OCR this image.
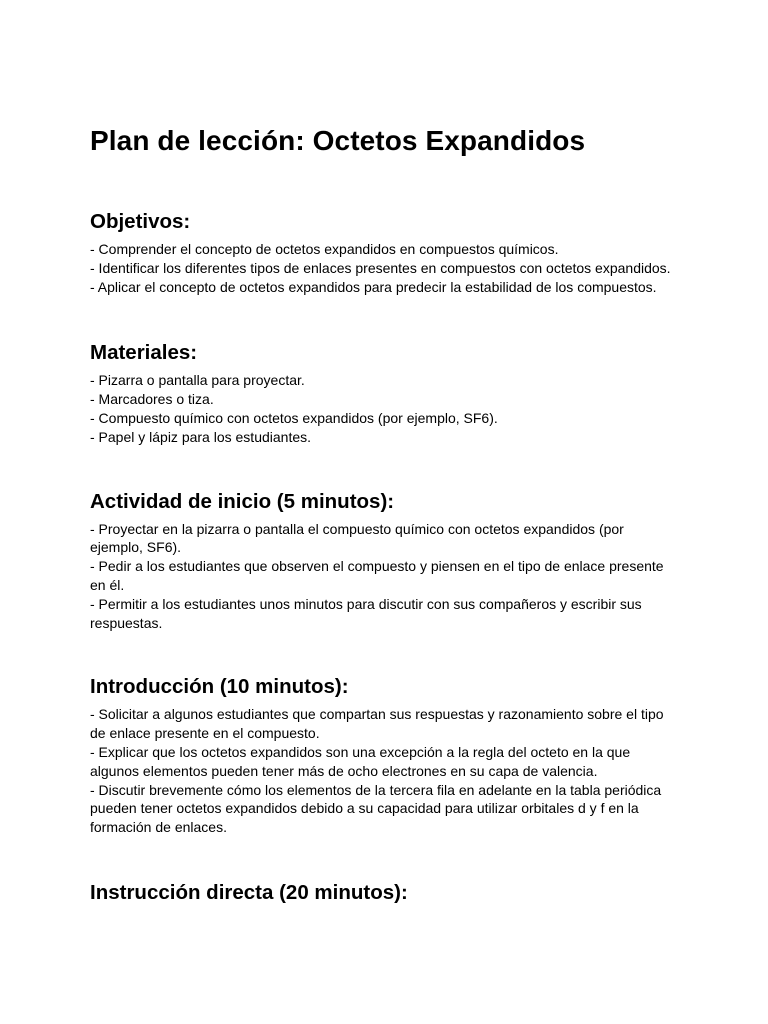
Plan de lección: Octetos Expandidos
Objetivos:
- Comprender el concepto de octetos expandidos en compuestos químicos.
- Identificar los diferentes tipos de enlaces presentes en compuestos con octetos expandidos.
- Aplicar el concepto de octetos expandidos para predecir la estabilidad de los compuestos.
Materiales:
- Pizarra o pantalla para proyectar.
- Marcadores o tiza.
- Compuesto químico con octetos expandidos (por ejemplo, SF6).
- Papel y lápiz para los estudiantes.
Actividad de inicio (5 minutos):
- Proyectar en la pizarra o pantalla el compuesto químico con octetos expandidos (por ejemplo, SF6).
- Pedir a los estudiantes que observen el compuesto y piensen en el tipo de enlace presente en él.
- Permitir a los estudiantes unos minutos para discutir con sus compañeros y escribir sus respuestas.
Introducción (10 minutos):
- Solicitar a algunos estudiantes que compartan sus respuestas y razonamiento sobre el tipo de enlace presente en el compuesto.
- Explicar que los octetos expandidos son una excepción a la regla del octeto en la que algunos elementos pueden tener más de ocho electrones en su capa de valencia.
- Discutir brevemente cómo los elementos de la tercera fila en adelante en la tabla periódica pueden tener octetos expandidos debido a su capacidad para utilizar orbitales d y f en la formación de enlaces.
Instrucción directa (20 minutos):
